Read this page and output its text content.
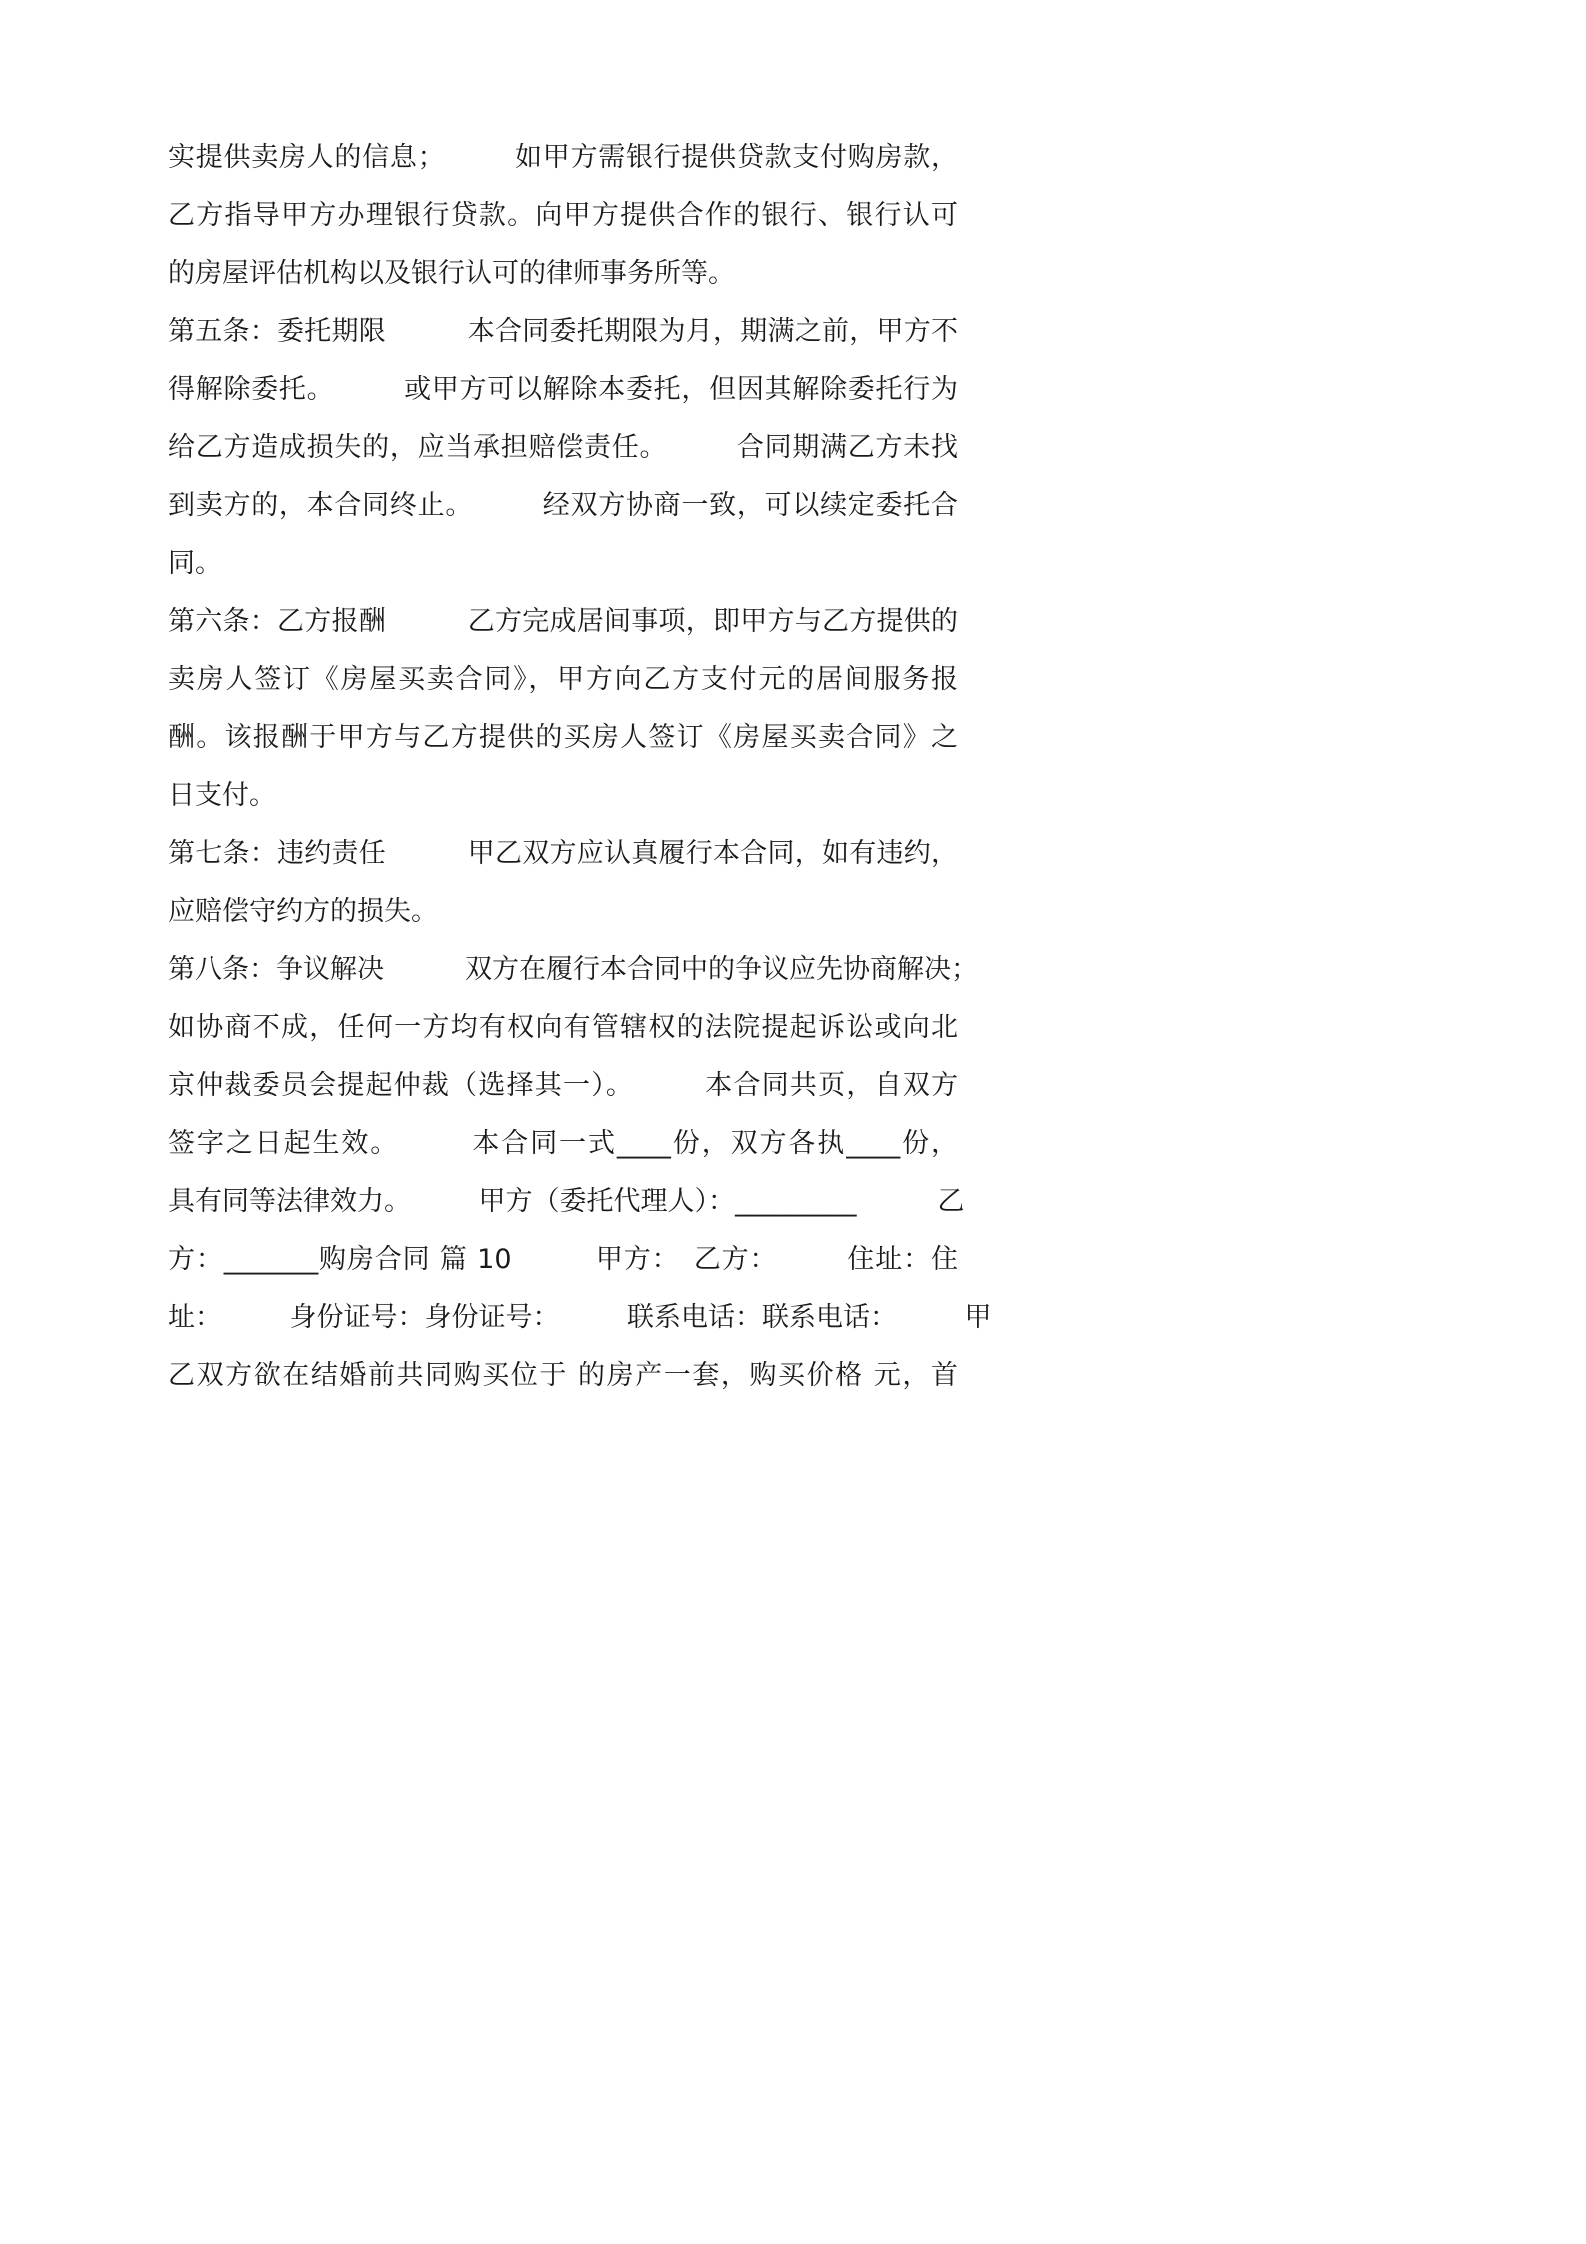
实提供卖房人的信息；　　　如甲方需银行提供贷款支付购房款，
乙方指导甲方办理银行贷款。向甲方提供合作的银行、银行认可
的房屋评估机构以及银行认可的律师事务所等。
第五条：委托期限　　　本合同委托期限为月，期满之前，甲方不
得解除委托。　　　或甲方可以解除本委托，但因其解除委托行为
给乙方造成损失的，应当承担赔偿责任。　　　合同期满乙方未找
到卖方的，本合同终止。　　　经双方协商一致，可以续定委托合
同。
第六条：乙方报酬　　　乙方完成居间事项，即甲方与乙方提供的
卖房人签订《房屋买卖合同》，甲方向乙方支付元的居间服务报
酬。该报酬于甲方与乙方提供的买房人签订《房屋买卖合同》之
日支付。
第七条：违约责任　　　甲乙双方应认真履行本合同，如有违约，
应赔偿守约方的损失。
第八条：争议解决　　　双方在履行本合同中的争议应先协商解决；
如协商不成，任何一方均有权向有管辖权的法院提起诉讼或向北
京仲裁委员会提起仲裁（选择其一）。　　　本合同共页，自双方
签字之日起生效。　　　本合同一式____份，双方各执____份，
具有同等法律效力。　　　甲方（委托代理人）：_________　　　乙
方：_______购房合同 篇 10　　　甲方：　乙方：　　　住址：住
址：　　　身份证号：身份证号：　　　联系电话：联系电话：　　　甲
乙双方欲在结婚前共同购买位于 的房产一套，购买价格 元，首
